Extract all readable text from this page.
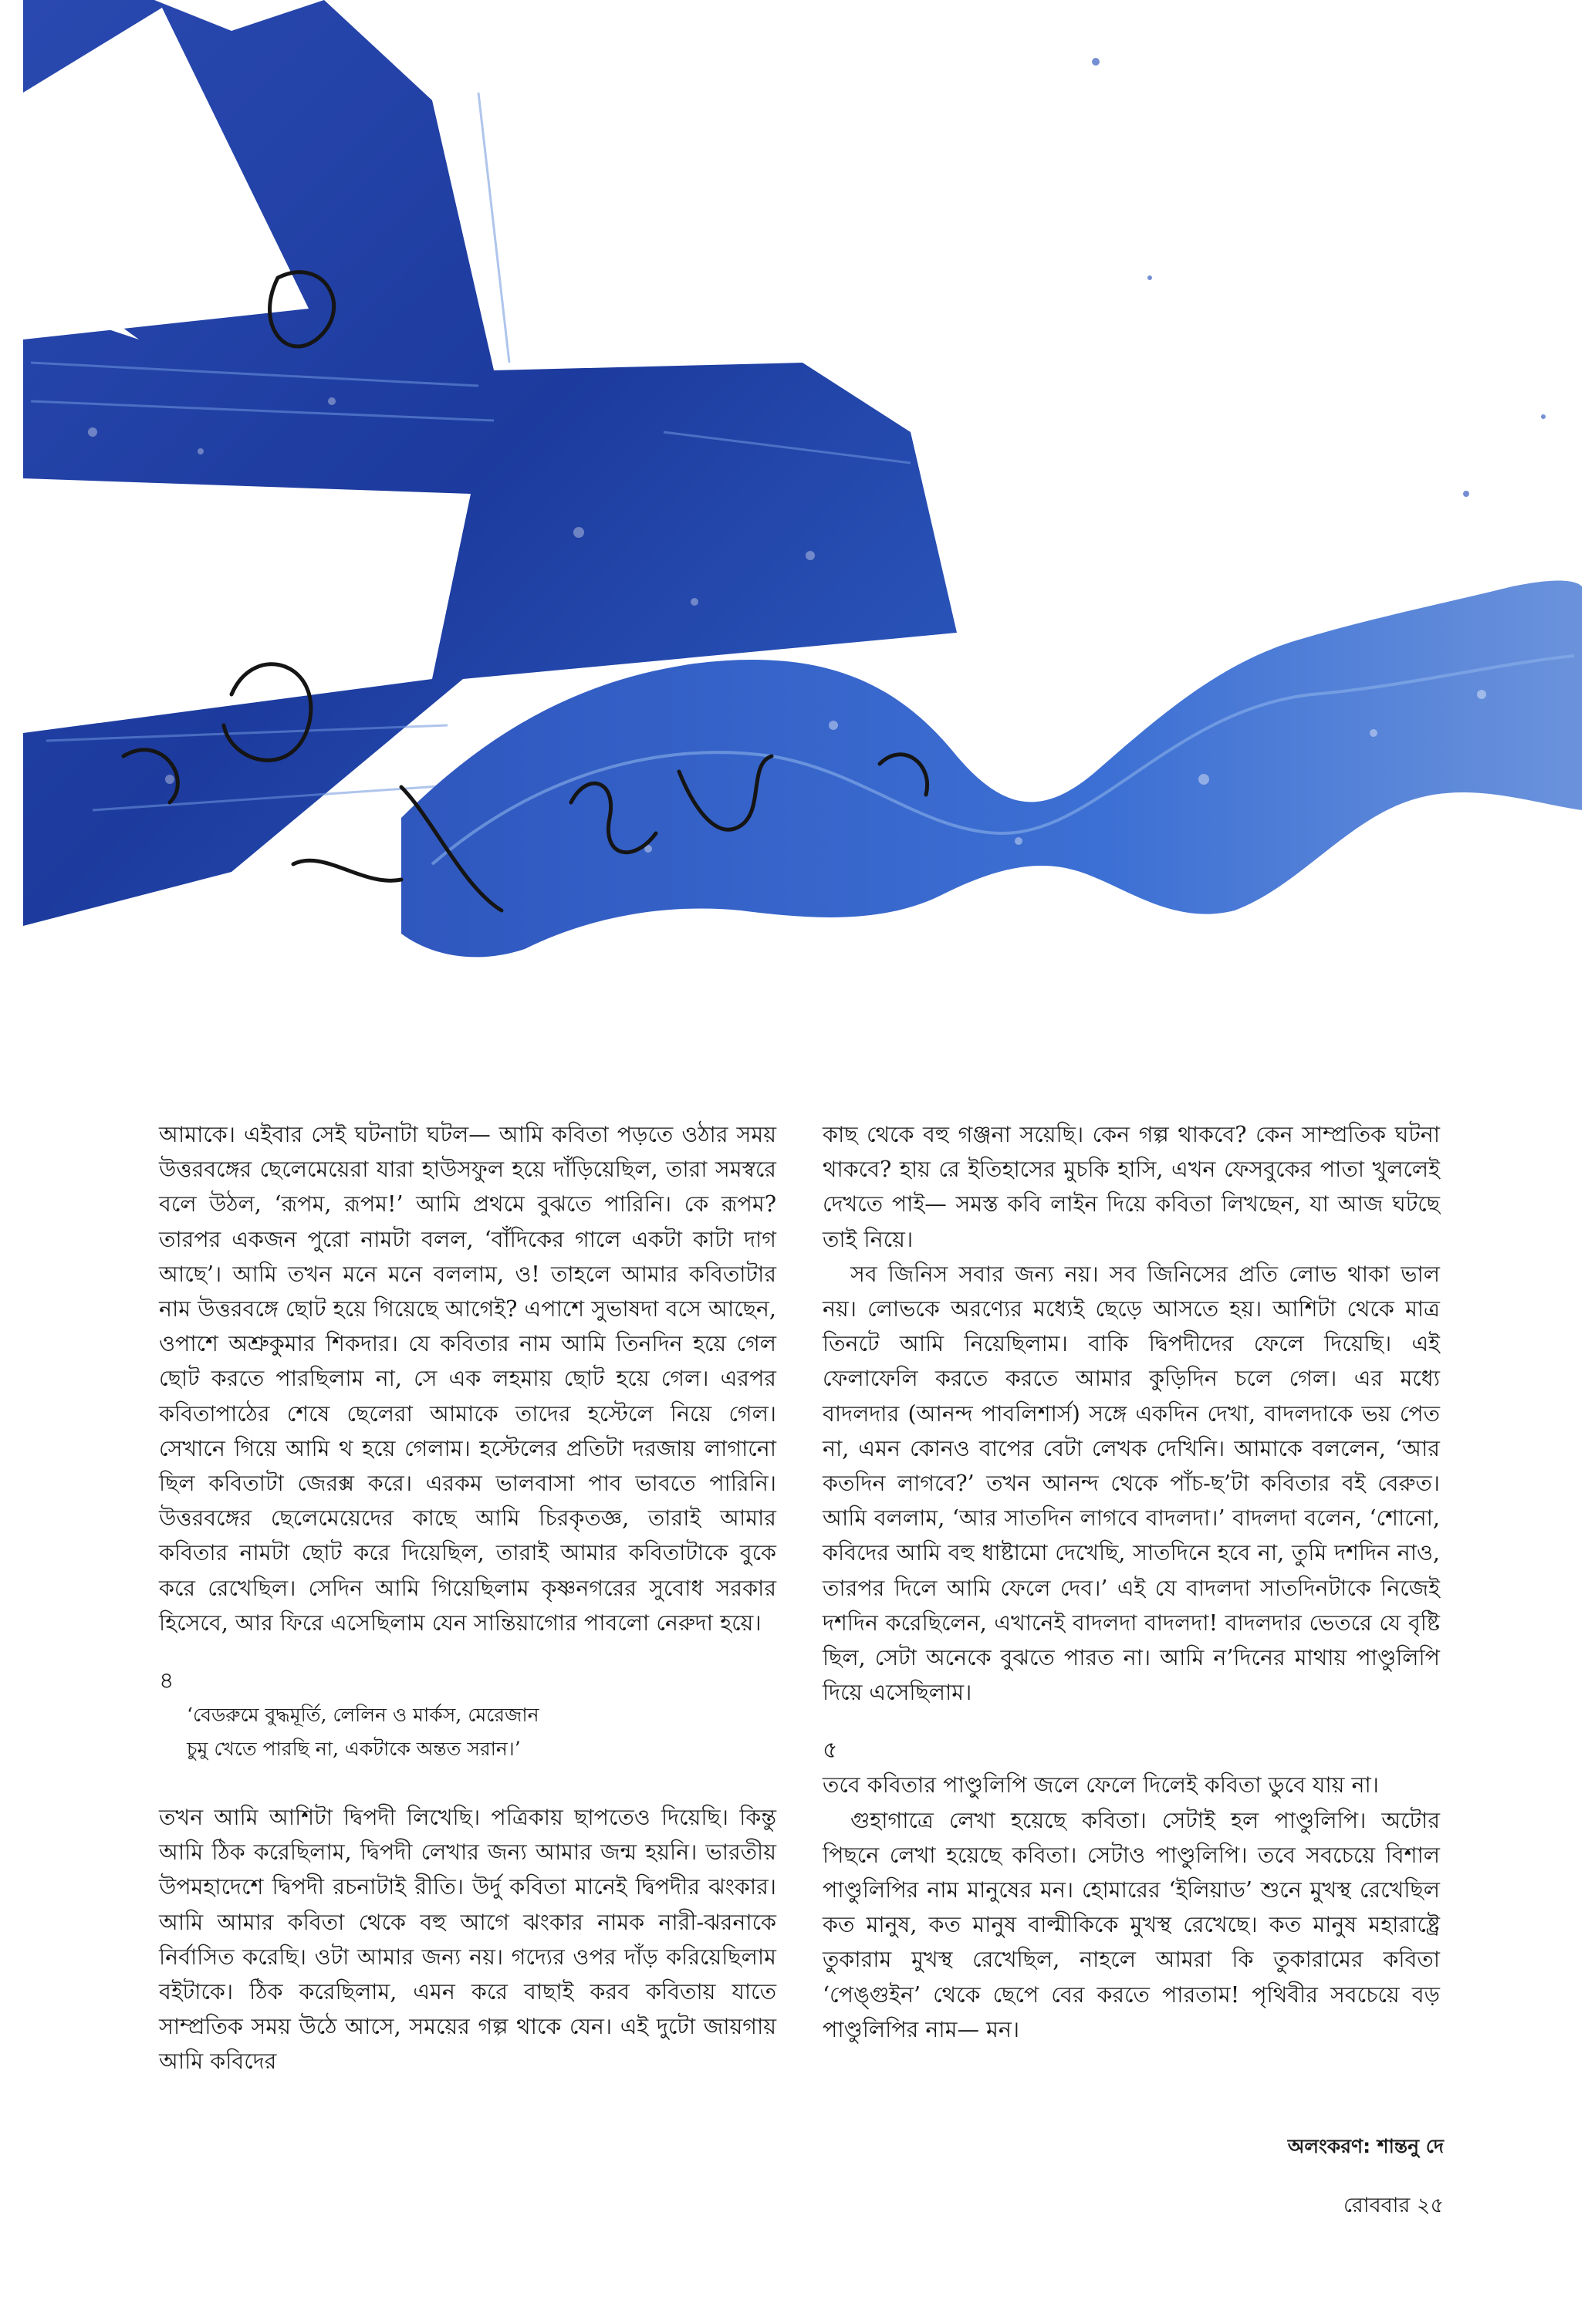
আমাকে। এইবার সেই ঘটনাটা ঘটল— আমি কবিতা পড়তে ওঠার সময় উত্তরবঙ্গের ছেলেমেয়েরা যারা হাউসফুল হয়ে দাঁড়িয়েছিল, তারা সমস্বরে বলে উঠল, ‘রূপম, রূপম!’ আমি প্রথমে বুঝতে পারিনি। কে রূপম? তারপর একজন পুরো নামটা বলল, ‘বাঁদিকের গালে একটা কাটা দাগ আছে’। আমি তখন মনে মনে বললাম, ও! তাহলে আমার কবিতাটার নাম উত্তরবঙ্গে ছোট হয়ে গিয়েছে আগেই? এপাশে সুভাষদা বসে আছেন, ওপাশে অশ্রুকুমার শিকদার। যে কবিতার নাম আমি তিনদিন হয়ে গেল ছোট করতে পারছিলাম না, সে এক লহমায় ছোট হয়ে গেল। এরপর কবিতাপাঠের শেষে ছেলেরা আমাকে তাদের হস্টেলে নিয়ে গেল। সেখানে গিয়ে আমি থ হয়ে গেলাম। হস্টেলের প্রতিটা দরজায় লাগানো ছিল কবিতাটা জেরক্স করে। এরকম ভালবাসা পাব ভাবতে পারিনি। উত্তরবঙ্গের ছেলেমেয়েদের কাছে আমি চিরকৃতজ্ঞ, তারাই আমার কবিতার নামটা ছোট করে দিয়েছিল, তারাই আমার কবিতাটাকে বুকে করে রেখেছিল। সেদিন আমি গিয়েছিলাম কৃষ্ণনগরের সুবোধ সরকার হিসেবে, আর ফিরে এসেছিলাম যেন সান্তিয়াগোর পাবলো নেরুদা হয়ে।

৪
‘বেডরুমে বুদ্ধমূর্তি, লেলিন ও মার্কস, মেরেজান
চুমু খেতে পারছি না, একটাকে অন্তত সরান।’

তখন আমি আশিটা দ্বিপদী লিখেছি। পত্রিকায় ছাপতেও দিয়েছি। কিন্তু আমি ঠিক করেছিলাম, দ্বিপদী লেখার জন্য আমার জন্ম হয়নি। ভারতীয় উপমহাদেশে দ্বিপদী রচনাটাই রীতি। উর্দু কবিতা মানেই দ্বিপদীর ঝংকার। আমি আমার কবিতা থেকে বহু আগে ঝংকার নামক নারী-ঝরনাকে নির্বাসিত করেছি। ওটা আমার জন্য নয়। গদ্যের ওপর দাঁড় করিয়েছিলাম বইটাকে। ঠিক করেছিলাম, এমন করে বাছাই করব কবিতায় যাতে সাম্প্রতিক সময় উঠে আসে, সময়ের গল্প থাকে যেন। এই দুটো জায়গায় আমি কবিদের

কাছ থেকে বহু গঞ্জনা সয়েছি। কেন গল্প থাকবে? কেন সাম্প্রতিক ঘটনা থাকবে? হায় রে ইতিহাসের মুচকি হাসি, এখন ফেসবুকের পাতা খুললেই দেখতে পাই— সমস্ত কবি লাইন দিয়ে কবিতা লিখছেন, যা আজ ঘটছে তাই নিয়ে।

সব জিনিস সবার জন্য নয়। সব জিনিসের প্রতি লোভ থাকা ভাল নয়। লোভকে অরণ্যের মধ্যেই ছেড়ে আসতে হয়। আশিটা থেকে মাত্র তিনটে আমি নিয়েছিলাম। বাকি দ্বিপদীদের ফেলে দিয়েছি। এই ফেলাফেলি করতে করতে আমার কুড়িদিন চলে গেল। এর মধ্যে বাদলদার (আনন্দ পাবলিশার্স) সঙ্গে একদিন দেখা, বাদলদাকে ভয় পেত না, এমন কোনও বাপের বেটা লেখক দেখিনি। আমাকে বললেন, ‘আর কতদিন লাগবে?’ তখন আনন্দ থেকে পাঁচ-ছ’টা কবিতার বই বেরুত। আমি বললাম, ‘আর সাতদিন লাগবে বাদলদা।’ বাদলদা বলেন, ‘শোনো, কবিদের আমি বহু ধাষ্টামো দেখেছি, সাতদিনে হবে না, তুমি দশদিন নাও, তারপর দিলে আমি ফেলে দেব।’ এই যে বাদলদা সাতদিনটাকে নিজেই দশদিন করেছিলেন, এখানেই বাদলদা বাদলদা! বাদলদার ভেতরে যে বৃষ্টি ছিল, সেটা অনেকে বুঝতে পারত না। আমি ন’দিনের মাথায় পাণ্ডুলিপি দিয়ে এসেছিলাম।

৫

তবে কবিতার পাণ্ডুলিপি জলে ফেলে দিলেই কবিতা ডুবে যায় না।

গুহাগাত্রে লেখা হয়েছে কবিতা। সেটাই হল পাণ্ডুলিপি। অটোর পিছনে লেখা হয়েছে কবিতা। সেটাও পাণ্ডুলিপি। তবে সবচেয়ে বিশাল পাণ্ডুলিপির নাম মানুষের মন। হোমারের ‘ইলিয়াড’ শুনে মুখস্থ রেখেছিল কত মানুষ, কত মানুষ বাল্মীকিকে মুখস্থ রেখেছে। কত মানুষ মহারাষ্ট্রে তুকারাম মুখস্থ রেখেছিল, নাহলে আমরা কি তুকারামের কবিতা ‘পেঙ্গুইন’ থেকে ছেপে বের করতে পারতাম! পৃথিবীর সবচেয়ে বড় পাণ্ডুলিপির নাম— মন।

অলংকরণ: শান্তনু দে
রোববার ২৫
